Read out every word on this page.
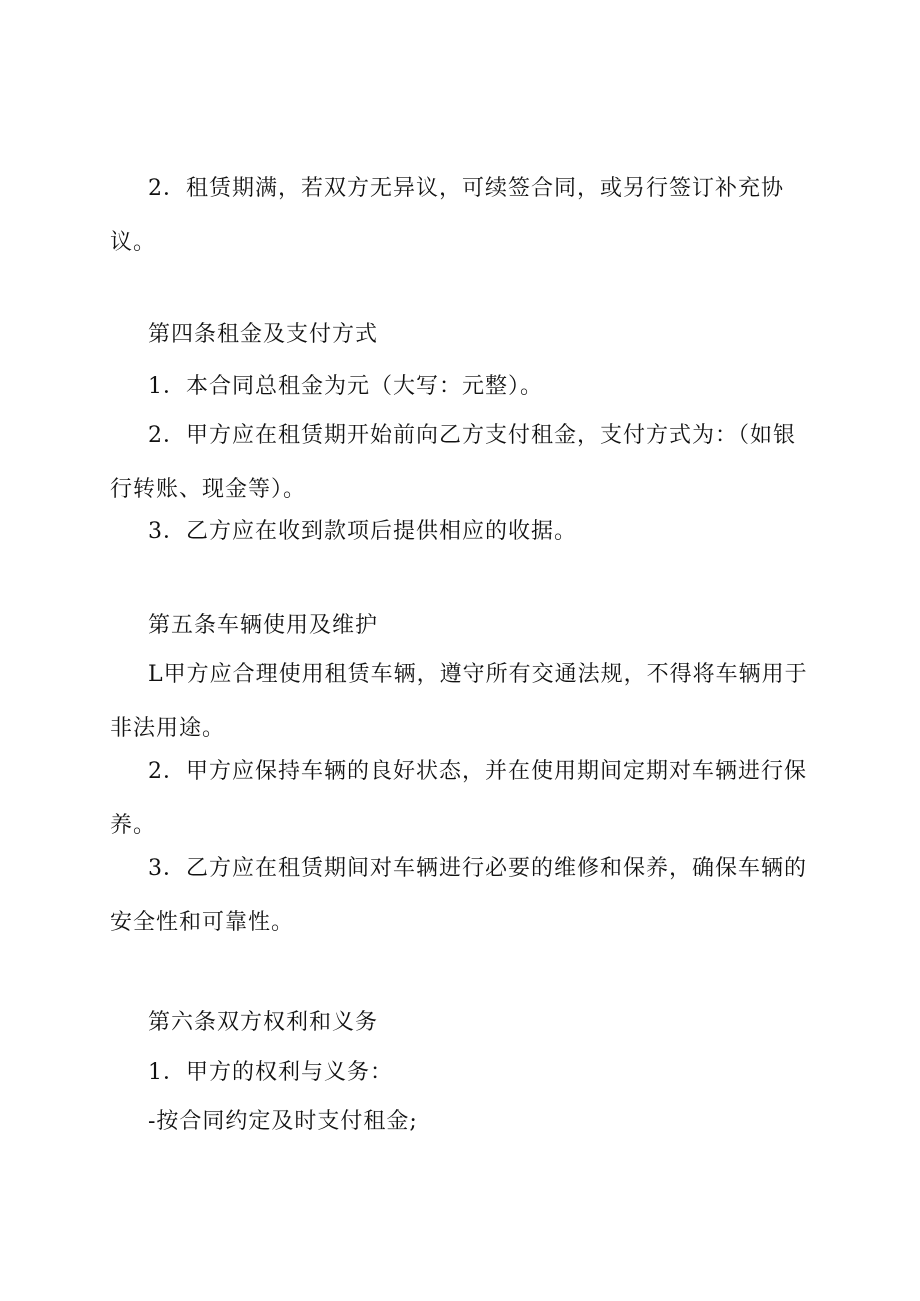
2．租赁期满，若双方无异议，可续签合同，或另行签订补充协议。

第四条租金及支付方式

1．本合同总租金为元（大写：元整）。

2．甲方应在租赁期开始前向乙方支付租金，支付方式为：（如银行转账、现金等）。

3．乙方应在收到款项后提供相应的收据。

第五条车辆使用及维护

L甲方应合理使用租赁车辆，遵守所有交通法规，不得将车辆用于非法用途。

2．甲方应保持车辆的良好状态，并在使用期间定期对车辆进行保养。

3．乙方应在租赁期间对车辆进行必要的维修和保养，确保车辆的安全性和可靠性。

第六条双方权利和义务

1．甲方的权利与义务：

-按合同约定及时支付租金;
